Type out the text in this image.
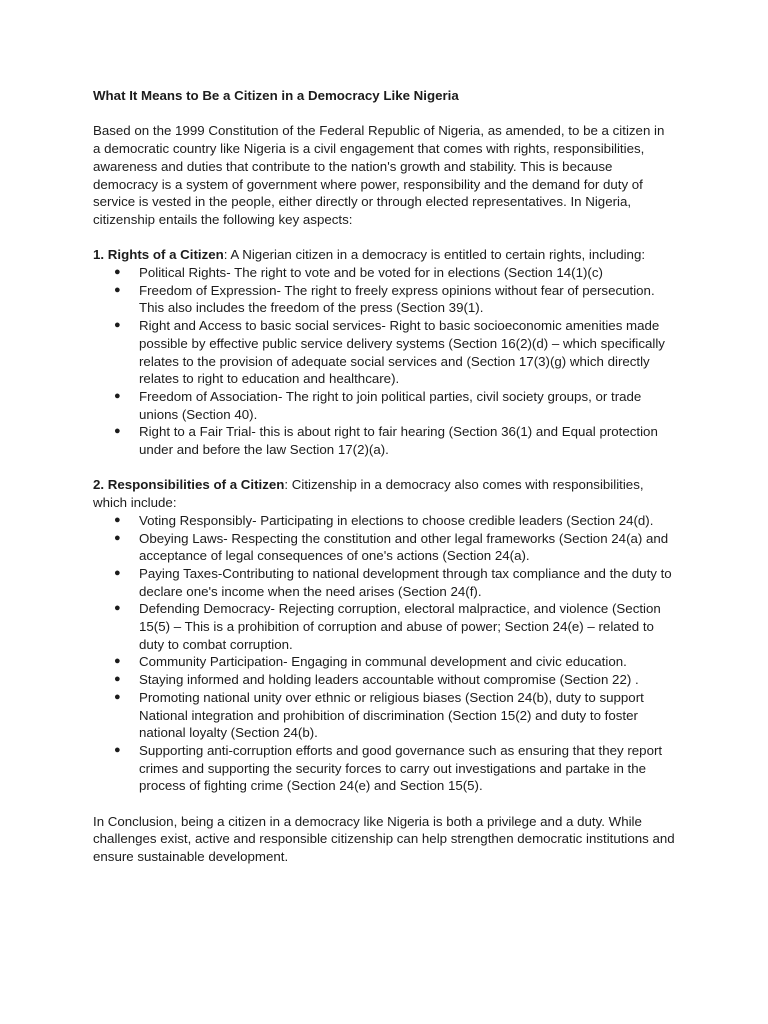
What It Means to Be a Citizen in a Democracy Like Nigeria

Based on the 1999 Constitution of the Federal Republic of Nigeria, as amended, to be a citizen in a democratic country like Nigeria is a civil engagement that comes with rights, responsibilities, awareness and duties that contribute to the nation's growth and stability. This is because democracy is a system of government where power, responsibility and the demand for duty of service is vested in the people, either directly or through elected representatives. In Nigeria, citizenship entails the following key aspects:

1. Rights of a Citizen: A Nigerian citizen in a democracy is entitled to certain rights, including:

● Political Rights- The right to vote and be voted for in elections (Section 14(1)(c)
● Freedom of Expression- The right to freely express opinions without fear of persecution. This also includes the freedom of the press (Section 39(1).
● Right and Access to basic social services- Right to basic socioeconomic amenities made possible by effective public service delivery systems (Section 16(2)(d) – which specifically relates to the provision of adequate social services and (Section 17(3)(g) which directly relates to right to education and healthcare).
● Freedom of Association- The right to join political parties, civil society groups, or trade unions (Section 40).
● Right to a Fair Trial- this is about right to fair hearing (Section 36(1) and Equal protection under and before the law Section 17(2)(a).

2. Responsibilities of a Citizen: Citizenship in a democracy also comes with responsibilities, which include:

● Voting Responsibly- Participating in elections to choose credible leaders (Section 24(d).
● Obeying Laws- Respecting the constitution and other legal frameworks (Section 24(a) and acceptance of legal consequences of one's actions (Section 24(a).
● Paying Taxes-Contributing to national development through tax compliance and the duty to declare one's income when the need arises (Section 24(f).
● Defending Democracy- Rejecting corruption, electoral malpractice, and violence (Section 15(5) – This is a prohibition of corruption and abuse of power; Section 24(e) – related to duty to combat corruption.
● Community Participation- Engaging in communal development and civic education.
● Staying informed and holding leaders accountable without compromise (Section 22) .
● Promoting national unity over ethnic or religious biases (Section 24(b), duty to support National integration and prohibition of discrimination (Section 15(2) and duty to foster national loyalty (Section 24(b).
● Supporting anti-corruption efforts and good governance such as ensuring that they report crimes and supporting the security forces to carry out investigations and partake in the process of fighting crime (Section 24(e) and Section 15(5).

In Conclusion, being a citizen in a democracy like Nigeria is both a privilege and a duty. While challenges exist, active and responsible citizenship can help strengthen democratic institutions and ensure sustainable development.
